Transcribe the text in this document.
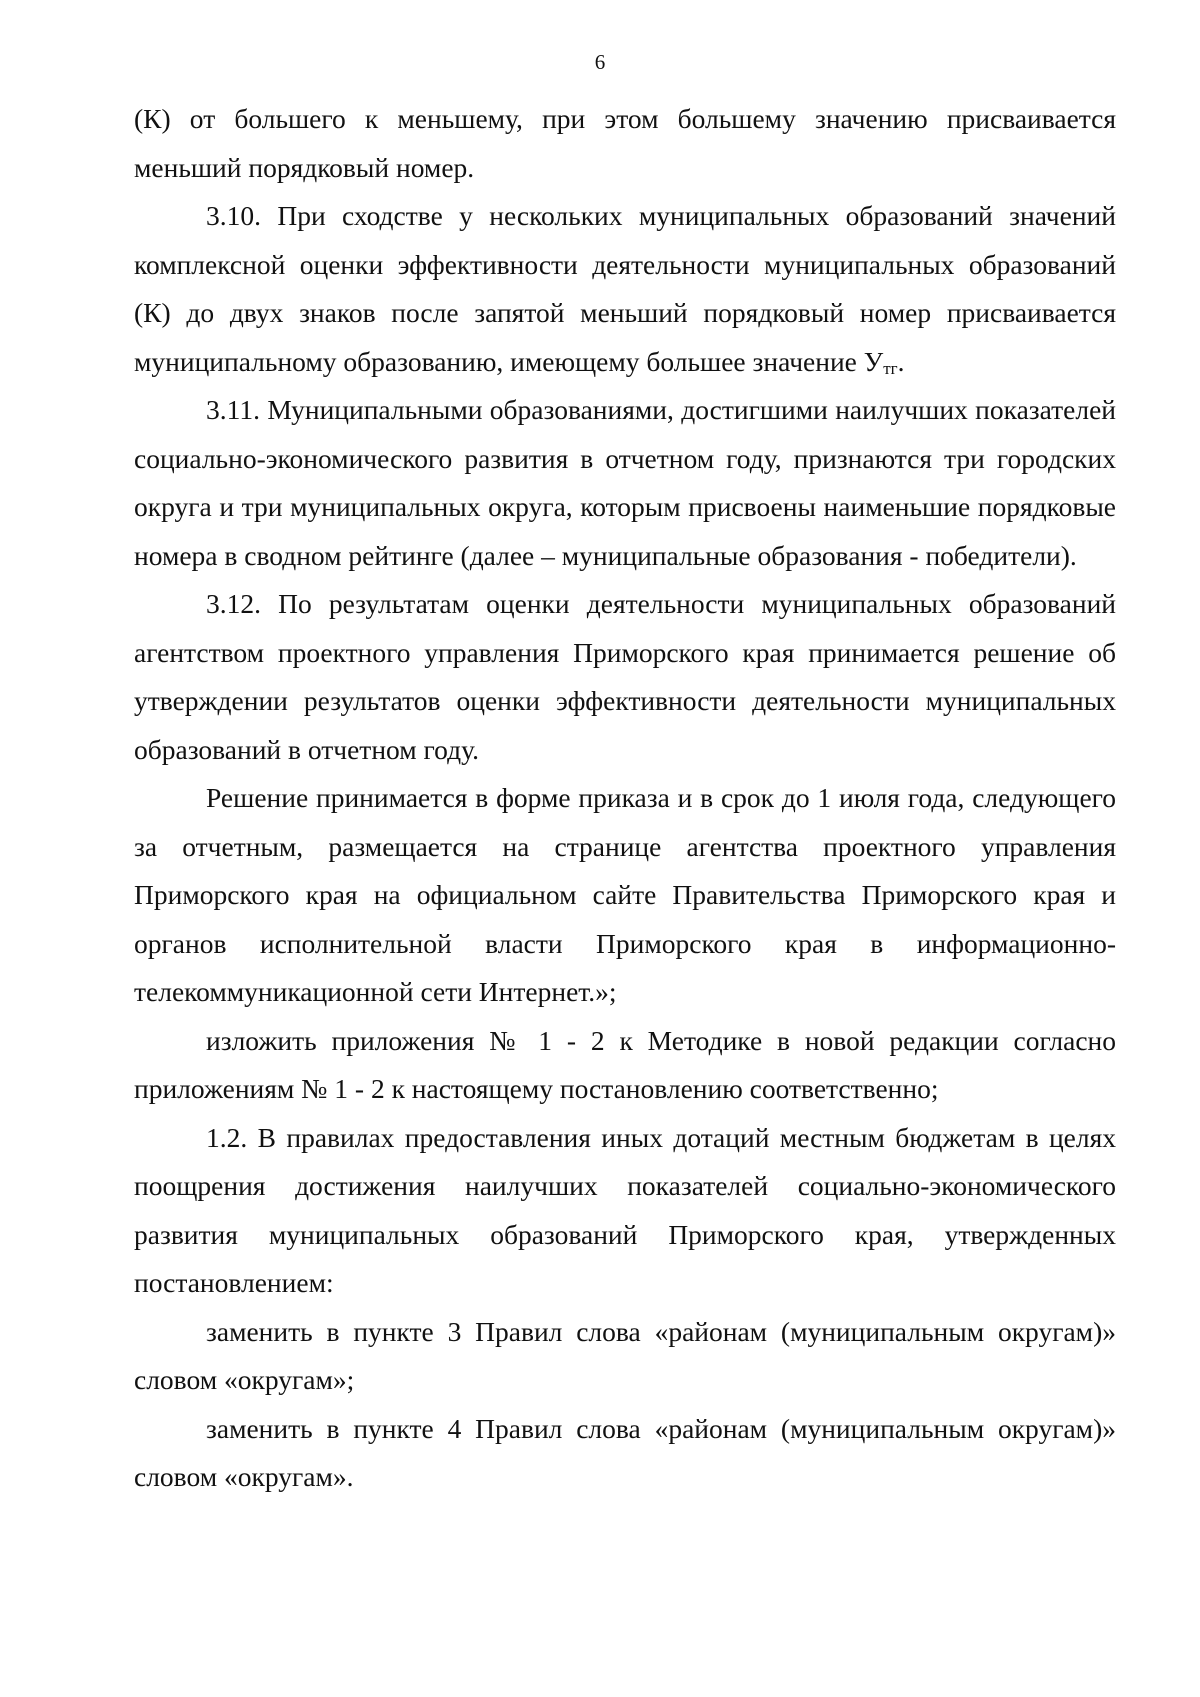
6

(К) от большего к меньшему, при этом большему значению присваивается меньший порядковый номер.

3.10. При сходстве у нескольких муниципальных образований значений комплексной оценки эффективности деятельности муниципальных образований (К) до двух знаков после запятой меньший порядковый номер присваивается муниципальному образованию, имеющему большее значение $У_{тг}$.

3.11. Муниципальными образованиями, достигшими наилучших показателей социально-экономического развития в отчетном году, признаются три городских округа и три муниципальных округа, которым присвоены наименьшие порядковые номера в сводном рейтинге (далее – муниципальные образования - победители).

3.12. По результатам оценки деятельности муниципальных образований агентством проектного управления Приморского края принимается решение об утверждении результатов оценки эффективности деятельности муниципальных образований в отчетном году.

Решение принимается в форме приказа и в срок до 1 июля года, следующего за отчетным, размещается на странице агентства проектного управления Приморского края на официальном сайте Правительства Приморского края и органов исполнительной власти Приморского края в информационно-телекоммуникационной сети Интернет.»;

изложить приложения № 1 - 2 к Методике в новой редакции согласно приложениям № 1 - 2 к настоящему постановлению соответственно;

1.2. В правилах предоставления иных дотаций местным бюджетам в целях поощрения достижения наилучших показателей социально-экономического развития муниципальных образований Приморского края, утвержденных постановлением:

заменить в пункте 3 Правил слова «районам (муниципальным округам)» словом «округам»;

заменить в пункте 4 Правил слова «районам (муниципальным округам)» словом «округам».
